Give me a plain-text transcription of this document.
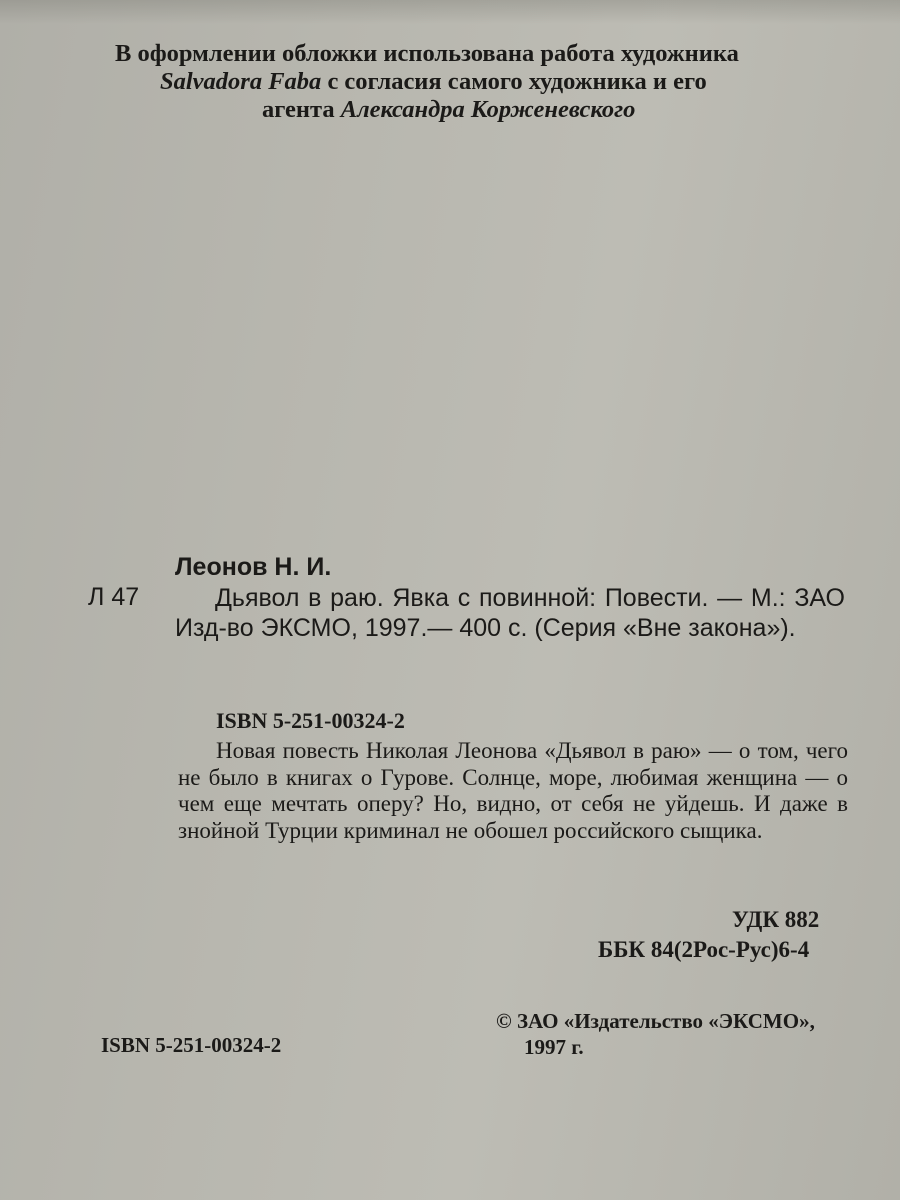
В оформлении обложки использована работа художника
Salvadora Faba с согласия самого художника и его
агента Александра Корженевского
Леонов Н. И.
Л 47	Дьявол в раю. Явка с повинной: Повести. — М.: ЗАО Изд-во ЭКСМО, 1997.— 400 с. (Серия «Вне закона»).
ISBN 5-251-00324-2
Новая повесть Николая Леонова «Дьявол в раю» — о том, чего не было в книгах о Гурове. Солнце, море, любимая женщина — о чем еще мечтать оперу? Но, видно, от себя не уйдешь. И даже в знойной Турции криминал не обошел российского сыщика.
УДК 882
ББК 84(2Рос-Рус)6-4
ISBN 5-251-00324-2
© ЗАО «Издательство «ЭКСМО»,
1997 г.
